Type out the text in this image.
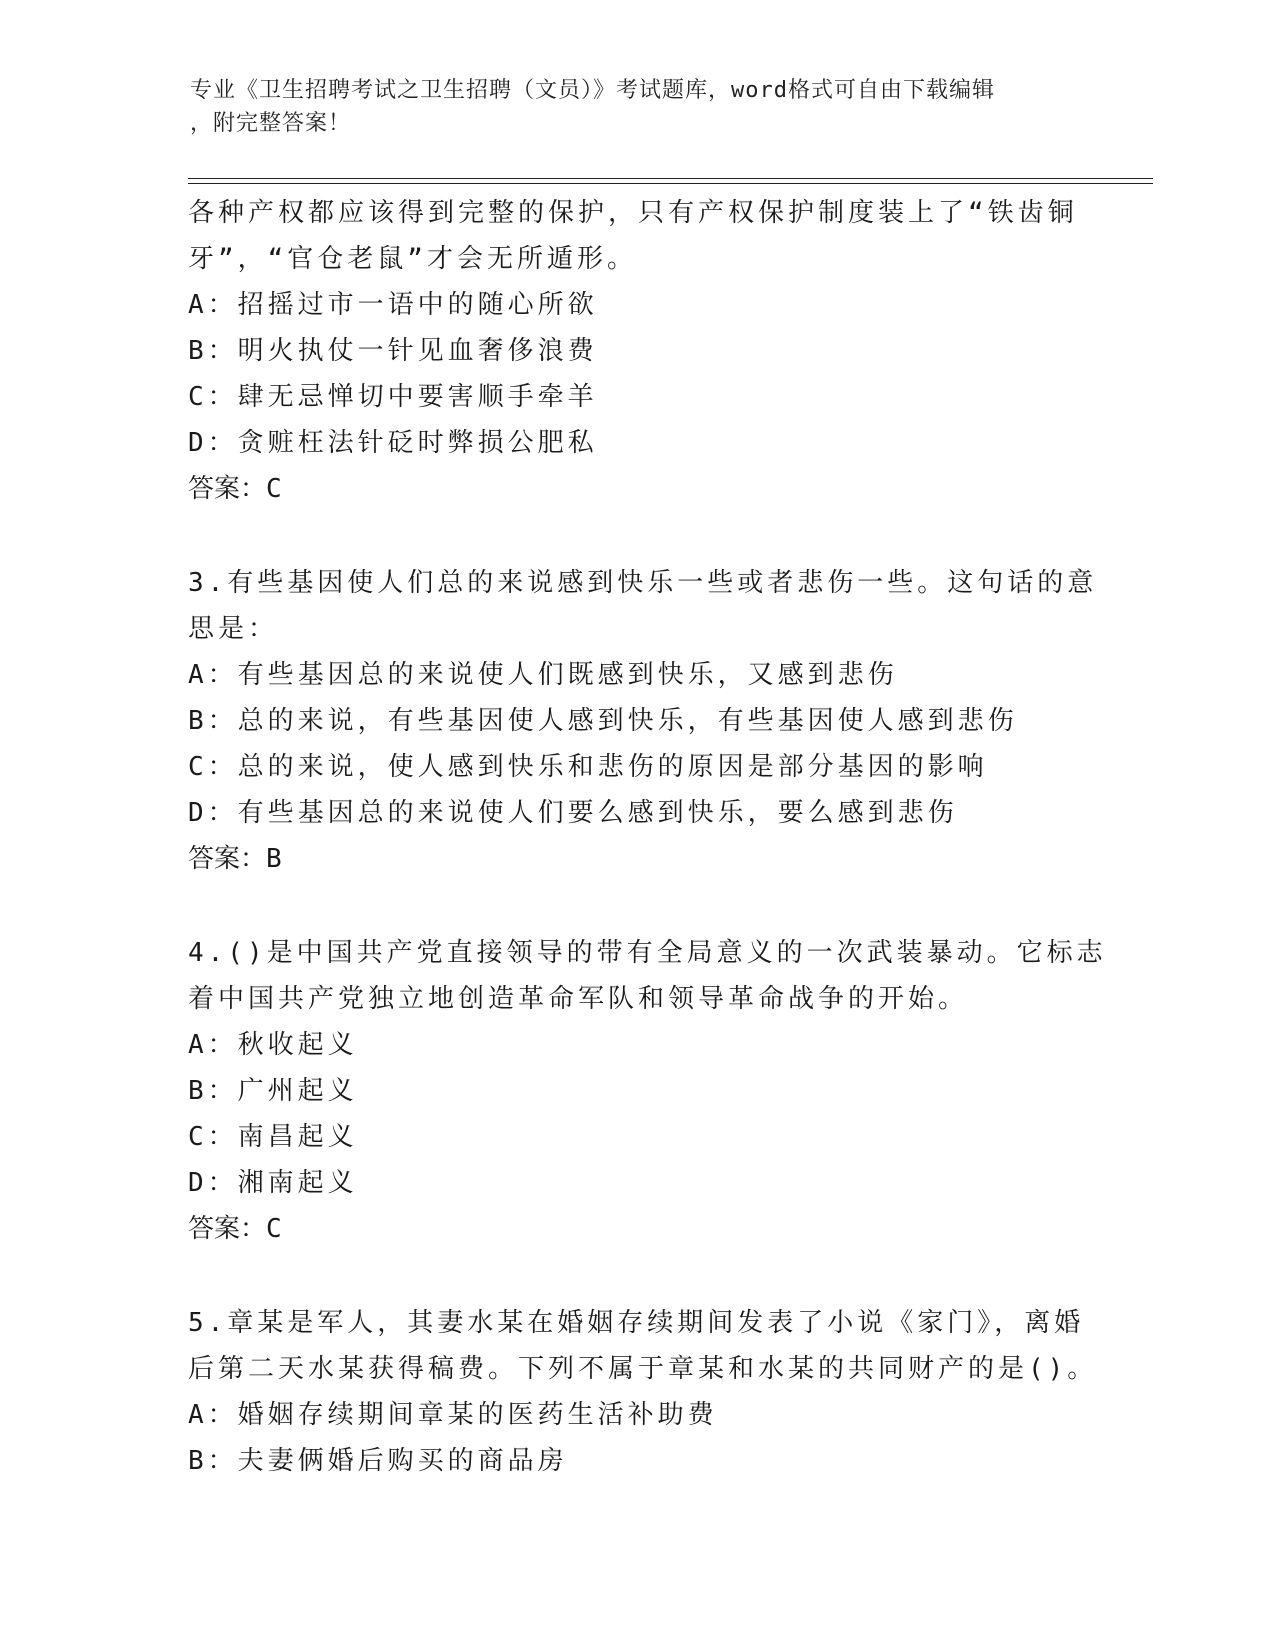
专业《卫生招聘考试之卫生招聘（文员）》考试题库，word格式可自由下载编辑
，附完整答案！
各种产权都应该得到完整的保护，只有产权保护制度装上了“铁齿铜
牙”，“官仓老鼠”才会无所遁形。
A：招摇过市一语中的随心所欲
B：明火执仗一针见血奢侈浪费
C：肆无忌惮切中要害顺手牵羊
D：贪赃枉法针砭时弊损公肥私
答案：C
3.有些基因使人们总的来说感到快乐一些或者悲伤一些。这句话的意
思是：
A：有些基因总的来说使人们既感到快乐，又感到悲伤
B：总的来说，有些基因使人感到快乐，有些基因使人感到悲伤
C：总的来说，使人感到快乐和悲伤的原因是部分基因的影响
D：有些基因总的来说使人们要么感到快乐，要么感到悲伤
答案：B
4.()是中国共产党直接领导的带有全局意义的一次武装暴动。它标志
着中国共产党独立地创造革命军队和领导革命战争的开始。
A：秋收起义
B：广州起义
C：南昌起义
D：湘南起义
答案：C
5.章某是军人，其妻水某在婚姻存续期间发表了小说《家门》，离婚
后第二天水某获得稿费。下列不属于章某和水某的共同财产的是()。
A：婚姻存续期间章某的医药生活补助费
B：夫妻俩婚后购买的商品房
